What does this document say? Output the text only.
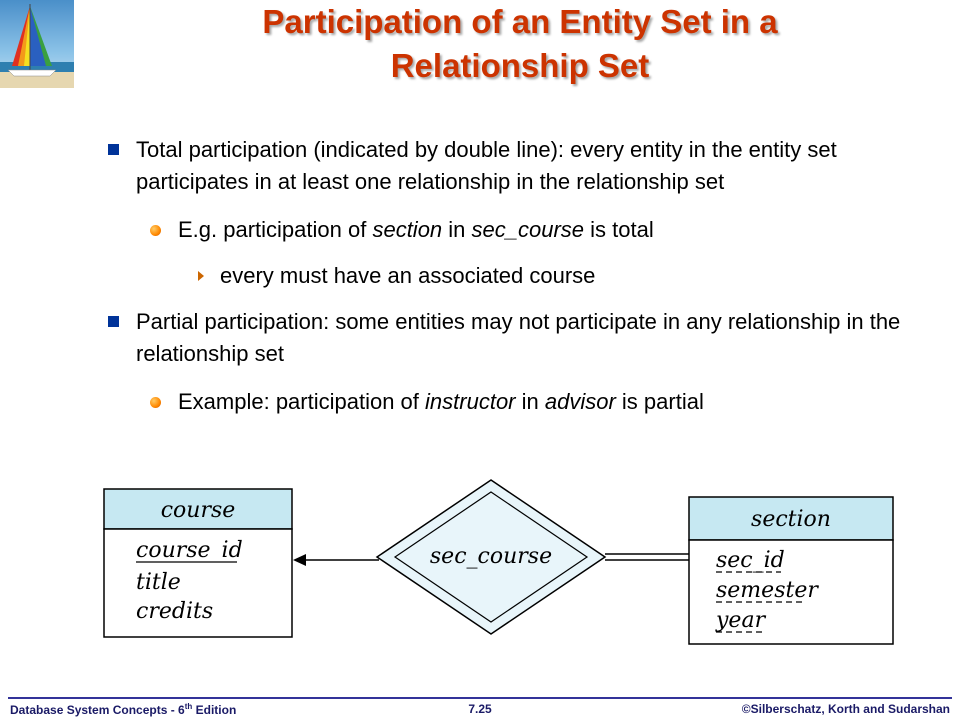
Participation of an Entity Set in a
Relationship Set
Total participation (indicated by double line): every entity in the entity set participates in at least one relationship in the relationship set
E.g. participation of section in sec_course is total
every must have an associated course
Partial participation: some entities may not participate in any relationship in the relationship set
Example: participation of instructor in advisor is partial
course
course_id
title
credits
sec_course
section
sec_id
semester
year
Database System Concepts - 6th Edition	7.25	©Silberschatz, Korth and Sudarshan
